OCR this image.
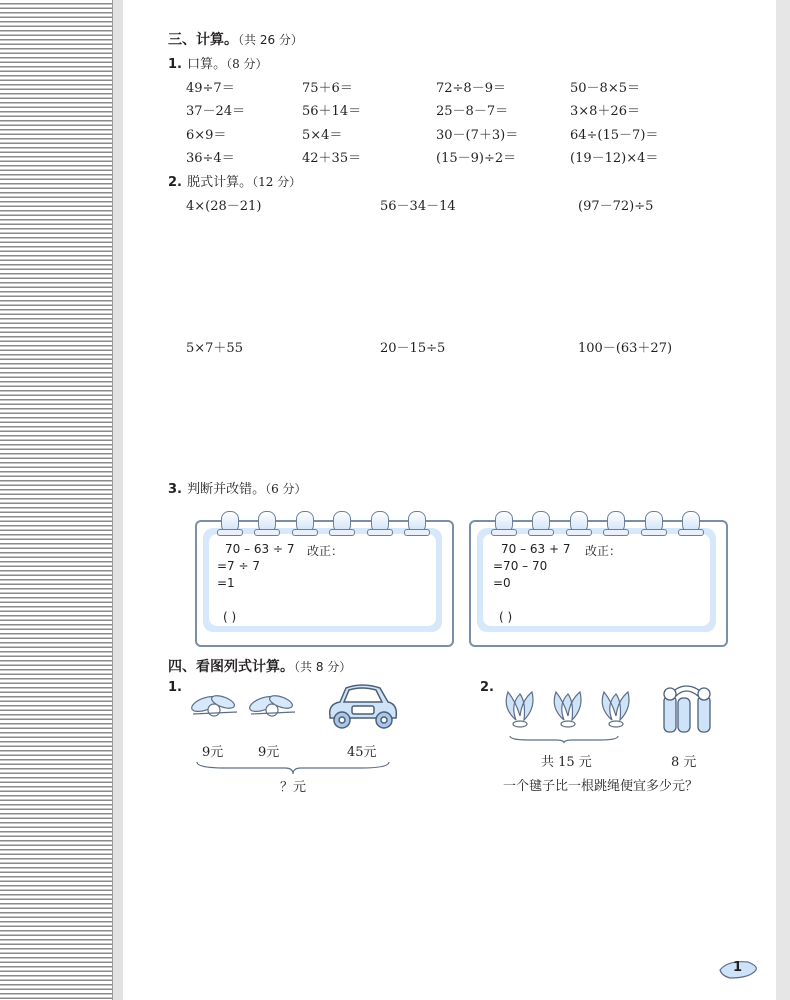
三、计算。（共 26 分）
1. 口算。（8 分）
49÷7＝	75＋6＝	72÷8－9＝	50－8×5＝
37－24＝	56＋14＝	25－8－7＝	3×8＋26＝
6×9＝	5×4＝	30－(7＋3)＝	64÷(15－7)＝
36÷4＝	42＋35＝	(15－9)÷2＝	(19－12)×4＝
2. 脱式计算。（12 分）
4×(28－21)	56－34－14	(97－72)÷5
5×7＋55	20－15÷5	100－(63＋27)
3. 判断并改错。（6 分）
70 – 63 ÷ 7 改正：
=7 ÷ 7
=1
( )
70 – 63 + 7 改正：
=70 – 70
=0
( )
四、看图列式计算。（共 8 分）
1.
9元	9元	45元
？元
2.
共 15 元	8 元
一个毽子比一根跳绳便宜多少元？
1
